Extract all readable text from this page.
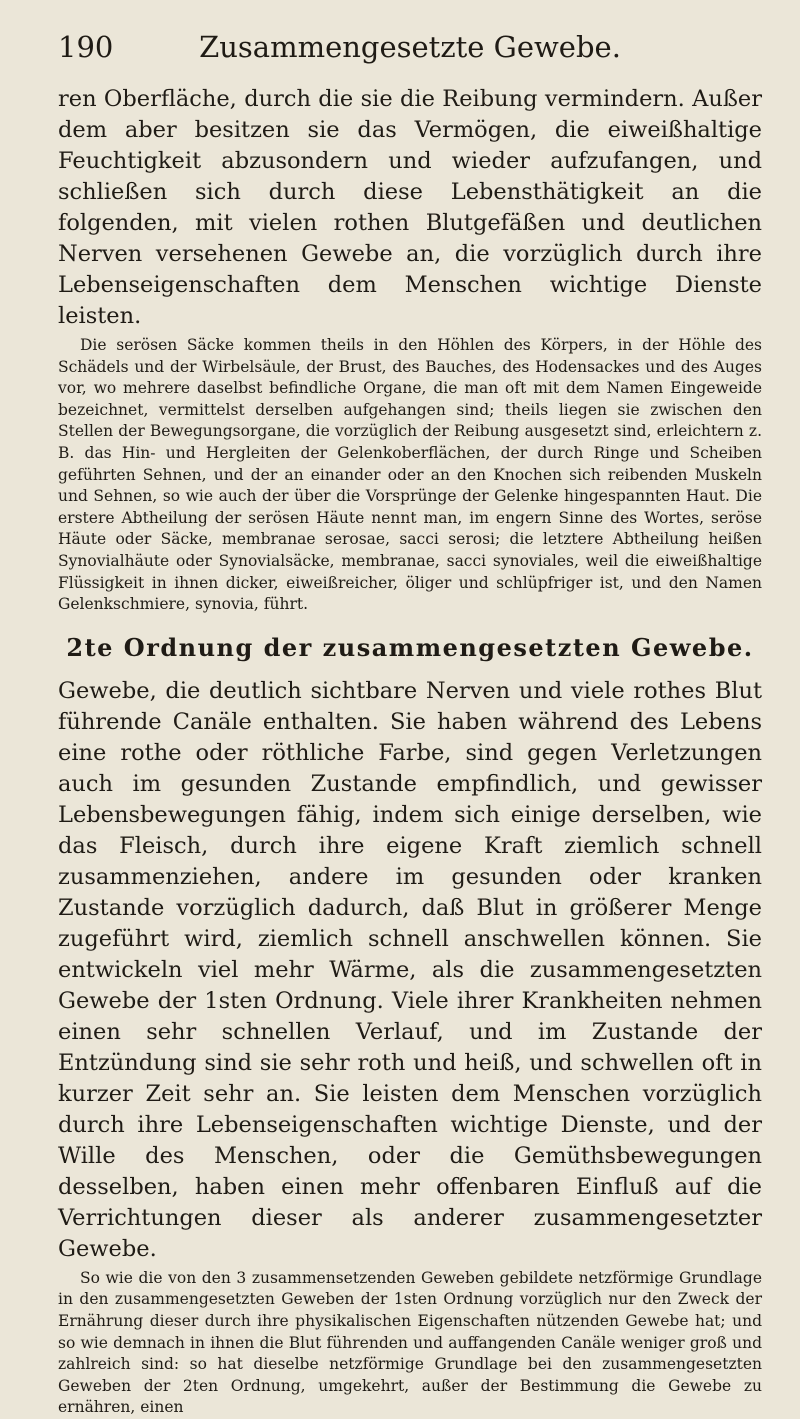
190	Zusammengesetzte Gewebe.

ren Oberfläche, durch die sie die Reibung vermindern. Außer dem aber besitzen sie das Vermögen, die eiweißhaltige Feuchtigkeit abzusondern und wieder aufzufangen, und schließen sich durch diese Lebensthätigkeit an die folgenden, mit vielen rothen Blutgefäßen und deutlichen Nerven versehenen Gewebe an, die vorzüglich durch ihre Lebenseigenschaften dem Menschen wichtige Dienste leisten.

Die serösen Säcke kommen theils in den Höhlen des Körpers, in der Höhle des Schädels und der Wirbelsäule, der Brust, des Bauches, des Hodensackes und des Auges vor, wo mehrere daselbst befindliche Organe, die man oft mit dem Namen Eingeweide bezeichnet, vermittelst derselben aufgehangen sind; theils liegen sie zwischen den Stellen der Bewegungsorgane, die vorzüglich der Reibung ausgesetzt sind, erleichtern z. B. das Hin- und Hergleiten der Gelenkoberflächen, der durch Ringe und Scheiben geführten Sehnen, und der an einander oder an den Knochen sich reibenden Muskeln und Sehnen, so wie auch der über die Vorsprünge der Gelenke hingespannten Haut. Die erstere Abtheilung der serösen Häute nennt man, im engern Sinne des Wortes, seröse Häute oder Säcke, membranae serosae, sacci serosi; die letztere Abtheilung heißen Synovialhäute oder Synovialsäcke, membranae, sacci synoviales, weil die eiweißhaltige Flüssigkeit in ihnen dicker, eiweißreicher, öliger und schlüpfriger ist, und den Namen Gelenkschmiere, synovia, führt.

2te Ordnung der zusammengesetzten Gewebe.

Gewebe, die deutlich sichtbare Nerven und viele rothes Blut führende Canäle enthalten. Sie haben während des Lebens eine rothe oder röthliche Farbe, sind gegen Verletzungen auch im gesunden Zustande empfindlich, und gewisser Lebensbewegungen fähig, indem sich einige derselben, wie das Fleisch, durch ihre eigene Kraft ziemlich schnell zusammenziehen, andere im gesunden oder kranken Zustande vorzüglich dadurch, daß Blut in größerer Menge zugeführt wird, ziemlich schnell anschwellen können. Sie entwickeln viel mehr Wärme, als die zusammengesetzten Gewebe der 1sten Ordnung. Viele ihrer Krankheiten nehmen einen sehr schnellen Verlauf, und im Zustande der Entzündung sind sie sehr roth und heiß, und schwellen oft in kurzer Zeit sehr an. Sie leisten dem Menschen vorzüglich durch ihre Lebenseigenschaften wichtige Dienste, und der Wille des Menschen, oder die Gemüthsbewegungen desselben, haben einen mehr offenbaren Einfluß auf die Verrichtungen dieser als anderer zusammengesetzter Gewebe.

So wie die von den 3 zusammensetzenden Geweben gebildete netzförmige Grundlage in den zusammengesetzten Geweben der 1sten Ordnung vorzüglich nur den Zweck der Ernährung dieser durch ihre physikalischen Eigenschaften nützenden Gewebe hat; und so wie demnach in ihnen die Blut führenden und auffangenden Canäle weniger groß und zahlreich sind: so hat dieselbe netzförmige Grundlage bei den zusammengesetzten Geweben der 2ten Ordnung, umgekehrt, außer der Bestimmung die Gewebe zu ernähren, einen
